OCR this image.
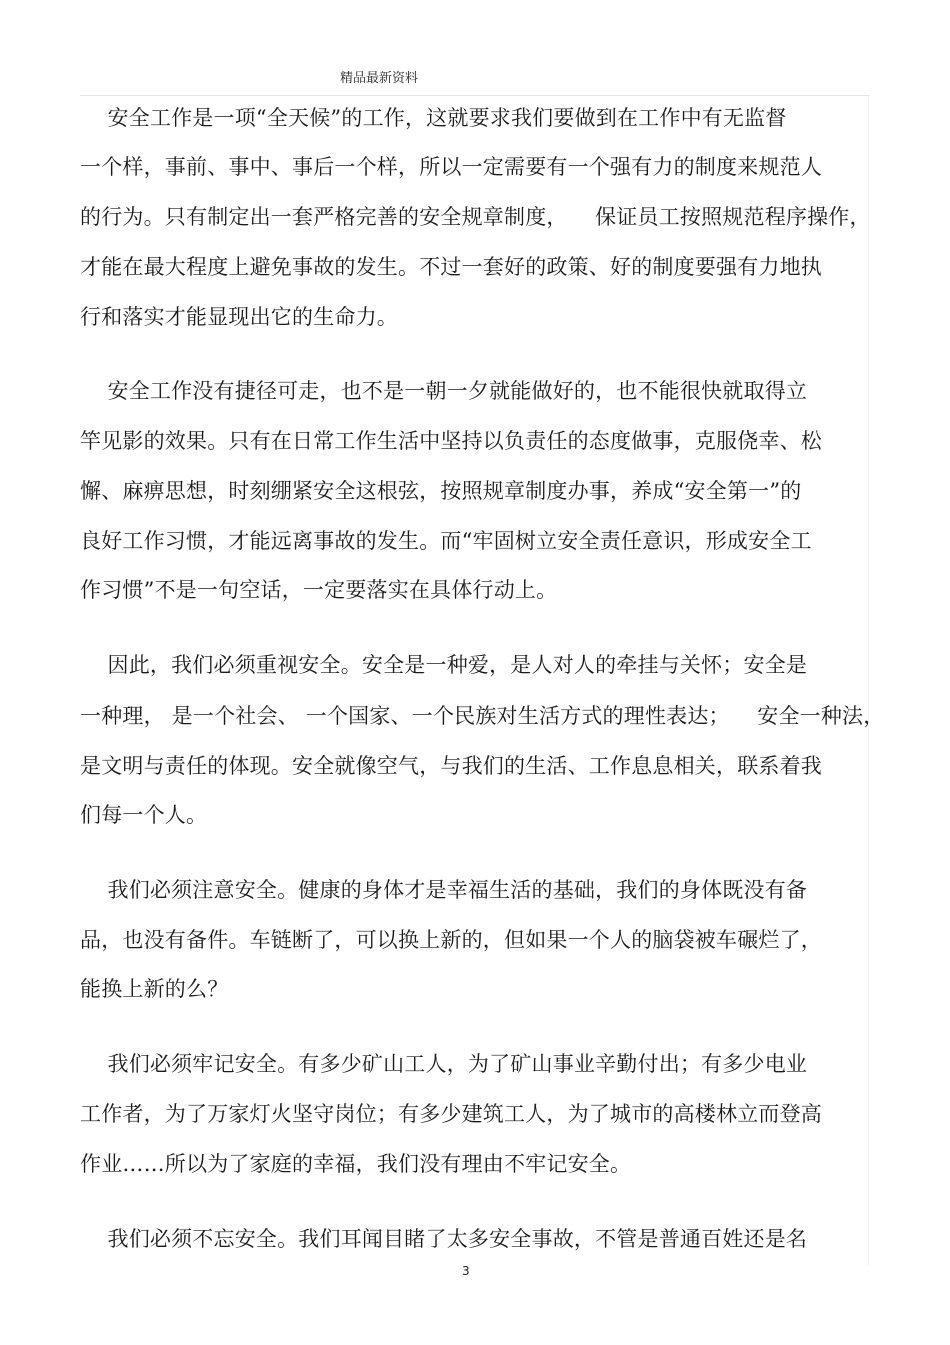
精品最新资料
安全工作是一项“全天候”的工作，这就要求我们要做到在工作中有无监督
一个样，事前、事中、事后一个样，所以一定需要有一个强有力的制度来规范人
的行为。只有制定出一套严格完善的安全规章制度，    保证员工按照规范程序操作，
才能在最大程度上避免事故的发生。不过一套好的政策、好的制度要强有力地执
行和落实才能显现出它的生命力。
安全工作没有捷径可走，也不是一朝一夕就能做好的，也不能很快就取得立
竿见影的效果。只有在日常工作生活中坚持以负责任的态度做事，克服侥幸、松
懈、麻痹思想，时刻绷紧安全这根弦，按照规章制度办事，养成“安全第一”的
良好工作习惯，才能远离事故的发生。而“牢固树立安全责任意识，形成安全工
作习惯”不是一句空话，一定要落实在具体行动上。
因此，我们必须重视安全。安全是一种爱，是人对人的牵挂与关怀；安全是
一种理， 是一个社会、 一个国家、一个民族对生活方式的理性表达；    安全一种法，
是文明与责任的体现。安全就像空气，与我们的生活、工作息息相关，联系着我
们每一个人。
我们必须注意安全。健康的身体才是幸福生活的基础，我们的身体既没有备
品，也没有备件。车链断了，可以换上新的，但如果一个人的脑袋被车碾烂了，
能换上新的么？
我们必须牢记安全。有多少矿山工人，为了矿山事业辛勤付出；有多少电业
工作者，为了万家灯火坚守岗位；有多少建筑工人，为了城市的高楼林立而登高
作业……所以为了家庭的幸福，我们没有理由不牢记安全。
我们必须不忘安全。我们耳闻目睹了太多安全事故，不管是普通百姓还是名
3
